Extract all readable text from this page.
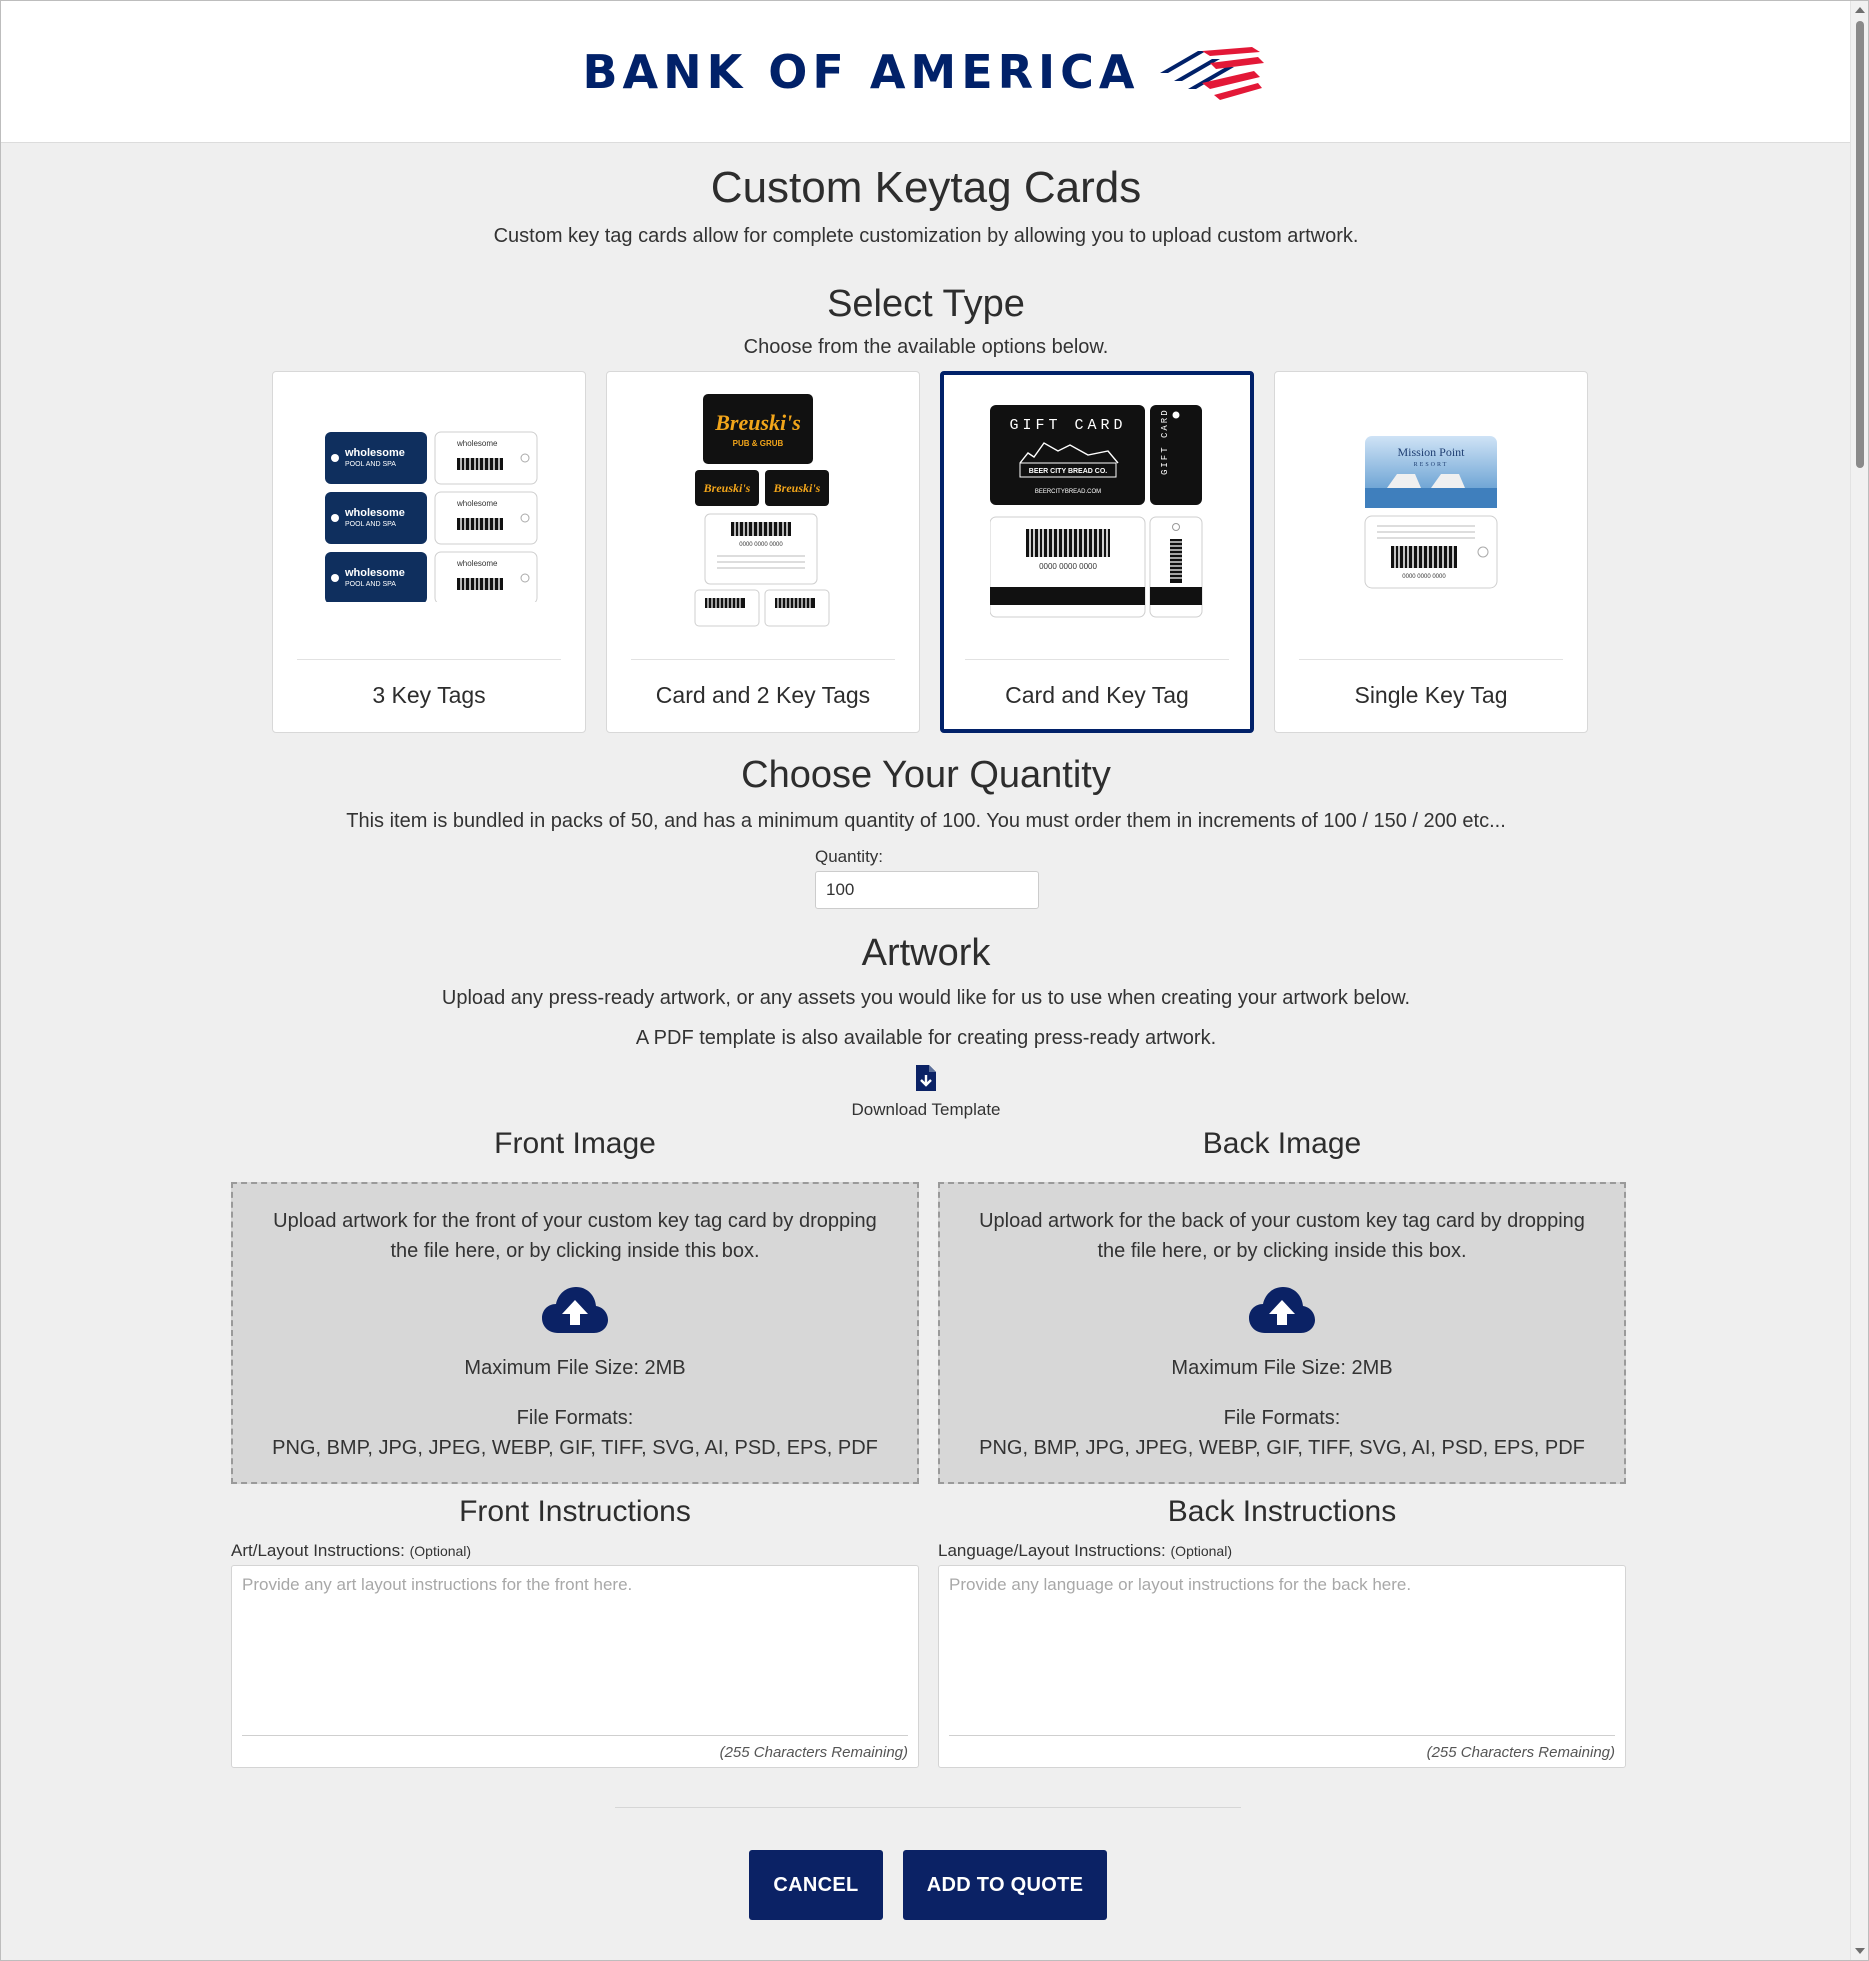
BANK OF AMERICA
Custom Keytag Cards
Custom key tag cards allow for complete customization by allowing you to upload custom artwork.
Select Type
Choose from the available options below.
wholesome
wholesome
wholesome
POOL AND SPA
POOL AND SPA
POOL AND SPA
wholesome
wholesome
wholesome
3 Key Tags
Breuski's
PUB & GRUB
Breuski's Breuski's
0000 0000 0000
Card and 2 Key Tags
GIFT CARD
BEER CITY BREAD CO.
BEERCITYBREAD.COM
GIFT CARD
0000 0000 0000
Card and Key Tag
Mission Point
RESORT
0000 0000 0000
Single Key Tag
Choose Your Quantity
This item is bundled in packs of 50, and has a minimum quantity of 100. You must order them in increments of 100 / 150 / 200 etc...
Quantity:
100
Artwork
Upload any press-ready artwork, or any assets you would like for us to use when creating your artwork below.
A PDF template is also available for creating press-ready artwork.
Download Template
Front Image	Back Image
Upload artwork for the front of your custom key tag card by dropping the file here, or by clicking inside this box.
Maximum File Size: 2MB
File Formats:
PNG, BMP, JPG, JPEG, WEBP, GIF, TIFF, SVG, AI, PSD, EPS, PDF
Upload artwork for the back of your custom key tag card by dropping the file here, or by clicking inside this box.
Maximum File Size: 2MB
File Formats:
PNG, BMP, JPG, JPEG, WEBP, GIF, TIFF, SVG, AI, PSD, EPS, PDF
Front Instructions	Back Instructions
Art/Layout Instructions: (Optional)	Language/Layout Instructions: (Optional)
Provide any art layout instructions for the front here.
(255 Characters Remaining)
Provide any language or layout instructions for the back here.	(255 Characters Remaining)
CANCEL	ADD TO QUOTE
